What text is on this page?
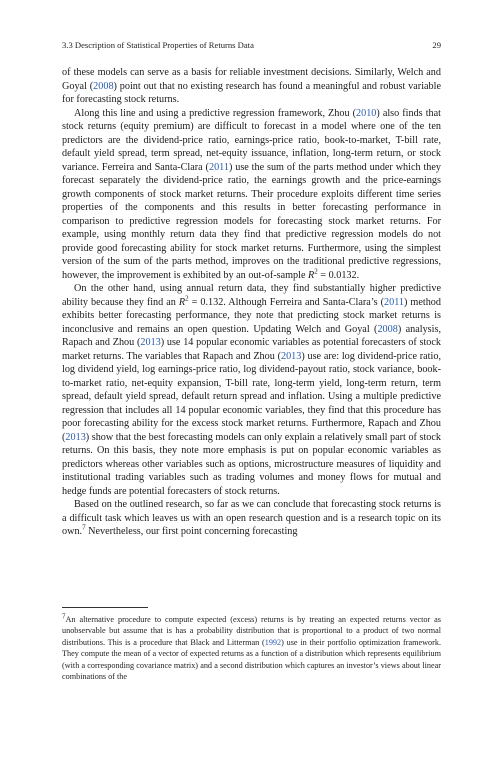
3.3 Description of Statistical Properties of Returns Data	29

of these models can serve as a basis for reliable investment decisions. Similarly, Welch and Goyal (2008) point out that no existing research has found a meaningful and robust variable for forecasting stock returns.

Along this line and using a predictive regression framework, Zhou (2010) also finds that stock returns (equity premium) are difficult to forecast in a model where one of the ten predictors are the dividend-price ratio, earnings-price ratio, book-to-market, T-bill rate, default yield spread, term spread, net-equity issuance, inflation, long-term return, or stock variance. Ferreira and Santa-Clara (2011) use the sum of the parts method under which they forecast separately the dividend-price ratio, the earnings growth and the price-earnings growth components of stock market returns. Their procedure exploits different time series properties of the components and this results in better forecasting performance in comparison to predictive regression models for forecasting stock market returns. For example, using monthly return data they find that predictive regression models do not provide good forecasting ability for stock market returns. Furthermore, using the simplest version of the sum of the parts method, improves on the traditional predictive regressions, however, the improvement is exhibited by an out-of-sample $R^2 = 0.0132$.

On the other hand, using annual return data, they find substantially higher predictive ability because they find an $R^2 = 0.132$. Although Ferreira and Santa-Clara’s (2011) method exhibits better forecasting performance, they note that predicting stock market returns is inconclusive and remains an open question. Updating Welch and Goyal (2008) analysis, Rapach and Zhou (2013) use 14 popular economic variables as potential forecasters of stock market returns. The variables that Rapach and Zhou (2013) use are: log dividend-price ratio, log dividend yield, log earnings-price ratio, log dividend-payout ratio, stock variance, book-to-market ratio, net-equity expansion, T-bill rate, long-term yield, long-term return, term spread, default yield spread, default return spread and inflation. Using a multiple predictive regression that includes all 14 popular economic variables, they find that this procedure has poor forecasting ability for the excess stock market returns. Furthermore, Rapach and Zhou (2013) show that the best forecasting models can only explain a relatively small part of stock returns. On this basis, they note more emphasis is put on popular economic variables as predictors whereas other variables such as options, microstructure measures of liquidity and institutional trading variables such as trading volumes and money flows for mutual and hedge funds are potential forecasters of stock returns.

Based on the outlined research, so far as we can conclude that forecasting stock returns is a difficult task which leaves us with an open research question and is a research topic on its own.$^7$ Nevertheless, our first point concerning forecasting

$^7$An alternative procedure to compute expected (excess) returns is by treating an expected returns vector as unobservable but assume that is has a probability distribution that is proportional to a product of two normal distributions. This is a procedure that Black and Litterman (1992) use in their portfolio optimization framework. They compute the mean of a vector of expected returns as a function of a distribution which represents equilibrium (with a corresponding covariance matrix) and a second distribution which captures an investor’s views about linear combinations of the
